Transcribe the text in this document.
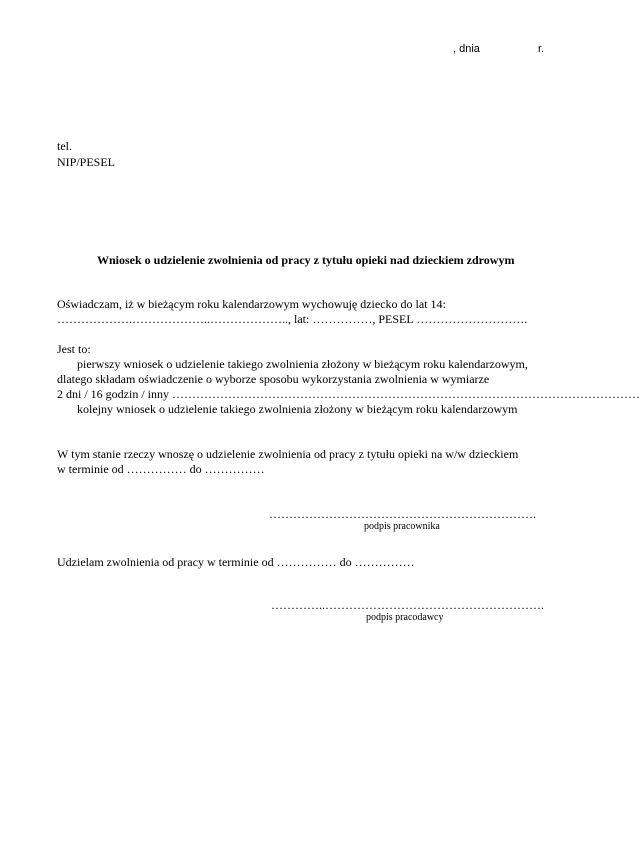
, dnia	r.
tel.
NIP/PESEL
Wniosek o udzielenie zwolnienia od pracy z tytułu opieki nad dzieckiem zdrowym
Oświadczam, iż w bieżącym roku kalendarzowym wychowuję dziecko do lat 14:
……………….………………..……………….., lat: ……………, PESEL ……………………….
Jest to:
pierwszy wniosek o udzielenie takiego zwolnienia złożony w bieżącym roku kalendarzowym,
dlatego składam oświadczenie o wyborze sposobu wykorzystania zwolnienia w wymiarze
2 dni / 16 godzin / inny ………………………………………………………………………………………………………
kolejny wniosek o udzielenie takiego zwolnienia złożony w bieżącym roku kalendarzowym
W tym stanie rzeczy wnoszę o udzielenie zwolnienia od pracy z tytułu opieki na w/w dzieckiem
w terminie od …………… do ……………
………………………………………………………….
podpis pracownika
Udzielam zwolnienia od pracy w terminie od …………… do ……………
…………..……………………………………………….
podpis pracodawcy
